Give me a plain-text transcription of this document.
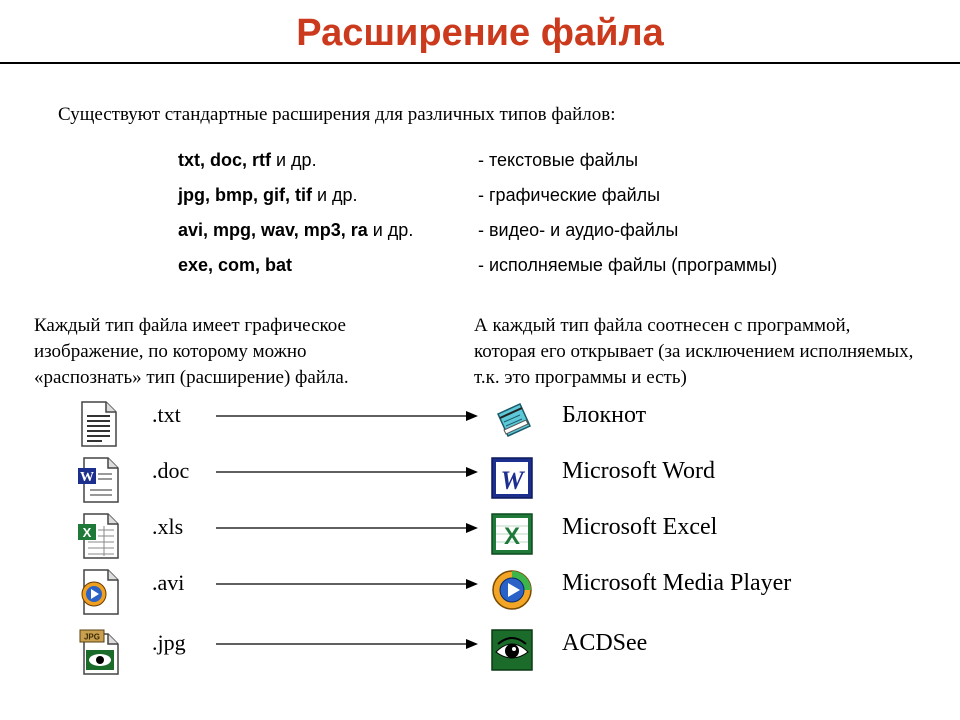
Расширение файла
Существуют стандартные расширения для различных типов файлов:
txt, doc, rtf и др.	- текстовые файлы
jpg, bmp, gif, tif и др.	- графические файлы
avi, mpg, wav, mp3, ra и др.	- видео- и аудио-файлы
exe, com, bat	- исполняемые файлы (программы)
Каждый тип файла имеет графическое изображение, по которому можно «распознать» тип (расширение) файла.
А каждый тип файла соотнесен с программой, которая его открывает (за исключением исполняемых, т.к. это программы и есть)
.txt	Блокнот
W	.doc	W Microsoft Word
X	.xls	X Microsoft Excel
.avi	Microsoft Media Player
JPG .jpg	ACDSee
